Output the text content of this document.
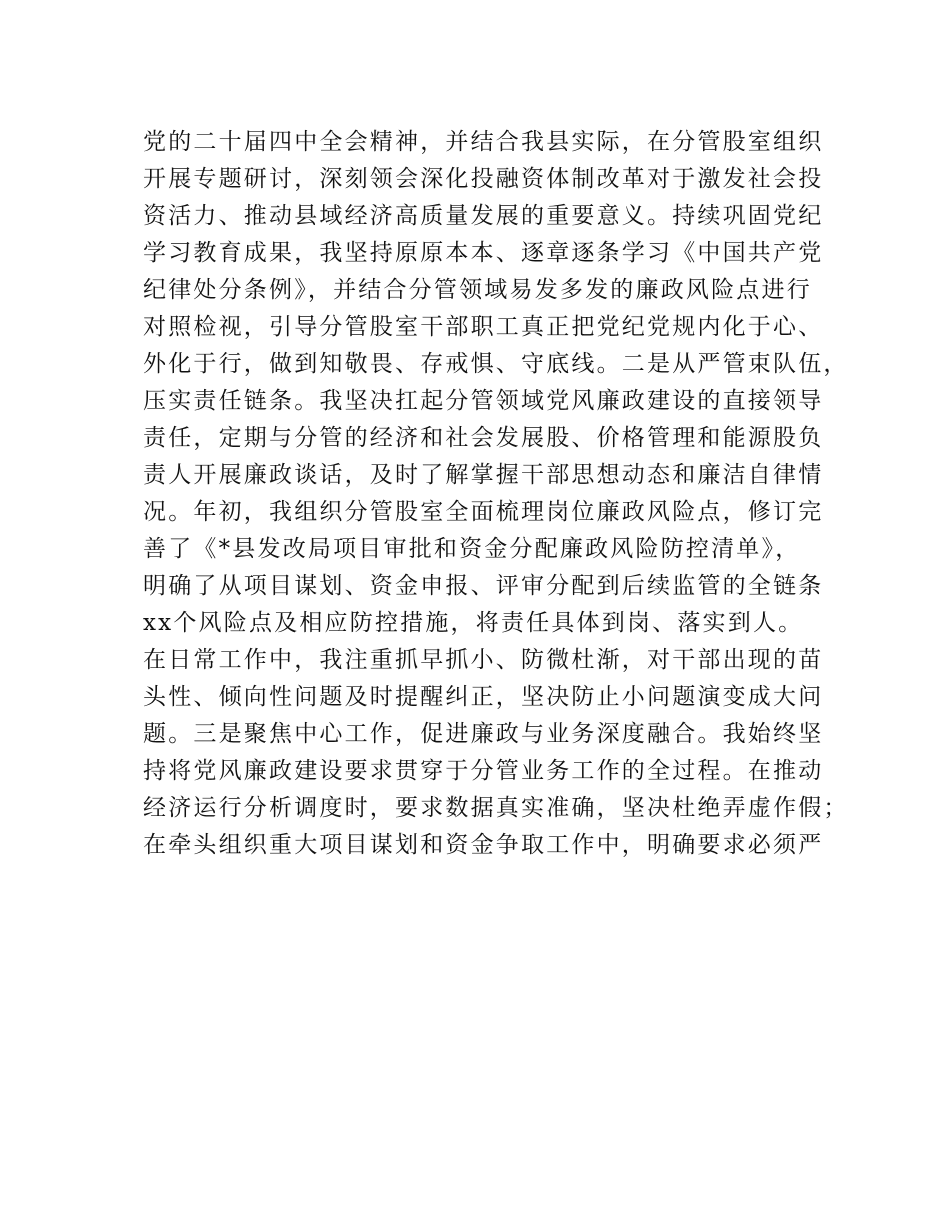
党的二十届四中全会精神，并结合我县实际，在分管股室组织
开展专题研讨，深刻领会深化投融资体制改革对于激发社会投
资活力、推动县域经济高质量发展的重要意义。持续巩固党纪
学习教育成果，我坚持原原本本、逐章逐条学习《中国共产党
纪律处分条例》，并结合分管领域易发多发的廉政风险点进行
对照检视，引导分管股室干部职工真正把党纪党规内化于心、
外化于行，做到知敬畏、存戒惧、守底线。二是从严管束队伍，
压实责任链条。我坚决扛起分管领域党风廉政建设的直接领导
责任，定期与分管的经济和社会发展股、价格管理和能源股负
责人开展廉政谈话，及时了解掌握干部思想动态和廉洁自律情
况。年初，我组织分管股室全面梳理岗位廉政风险点，修订完
善了《*县发改局项目审批和资金分配廉政风险防控清单》，
明确了从项目谋划、资金申报、评审分配到后续监管的全链条
xx个风险点及相应防控措施，将责任具体到岗、落实到人。
在日常工作中，我注重抓早抓小、防微杜渐，对干部出现的苗
头性、倾向性问题及时提醒纠正，坚决防止小问题演变成大问
题。三是聚焦中心工作，促进廉政与业务深度融合。我始终坚
持将党风廉政建设要求贯穿于分管业务工作的全过程。在推动
经济运行分析调度时，要求数据真实准确，坚决杜绝弄虚作假；
在牵头组织重大项目谋划和资金争取工作中，明确要求必须严
